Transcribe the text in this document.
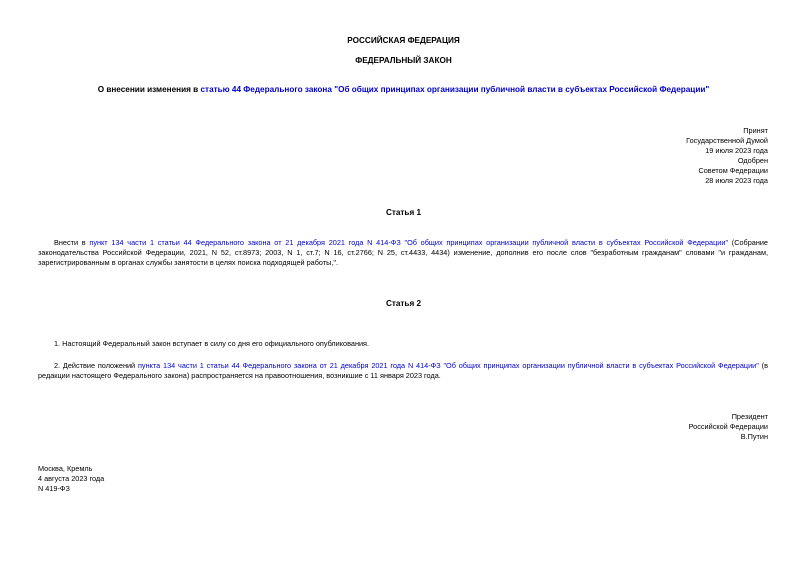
РОССИЙСКАЯ ФЕДЕРАЦИЯ
ФЕДЕРАЛЬНЫЙ ЗАКОН
О внесении изменения в статью 44 Федерального закона "Об общих принципах организации публичной власти в субъектах Российской Федерации"
Принят
Государственной Думой
19 июля 2023 года
Одобрен
Советом Федерации
28 июля 2023 года
Статья 1
Внести в пункт 134 части 1 статьи 44 Федерального закона от 21 декабря 2021 года N 414-ФЗ "Об общих принципах организации публичной власти в субъектах Российской Федерации" (Собрание законодательства Российской Федерации, 2021, N 52, ст.8973; 2003, N 1, ст.7; N 16, ст.2766; N 25, ст.4433, 4434) изменение, дополнив его после слов "безработным гражданам" словами "и гражданам, зарегистрированным в органах службы занятости в целях поиска подходящей работы,".
Статья 2
1. Настоящий Федеральный закон вступает в силу со дня его официального опубликования.
2. Действие положений пункта 134 части 1 статьи 44 Федерального закона от 21 декабря 2021 года N 414-ФЗ "Об общих принципах организации публичной власти в субъектах Российской Федерации" (в редакции настоящего Федерального закона) распространяется на правоотношения, возникшие с 11 января 2023 года.
Президент
Российской Федерации
В.Путин
Москва, Кремль
4 августа 2023 года
N 419-ФЗ
